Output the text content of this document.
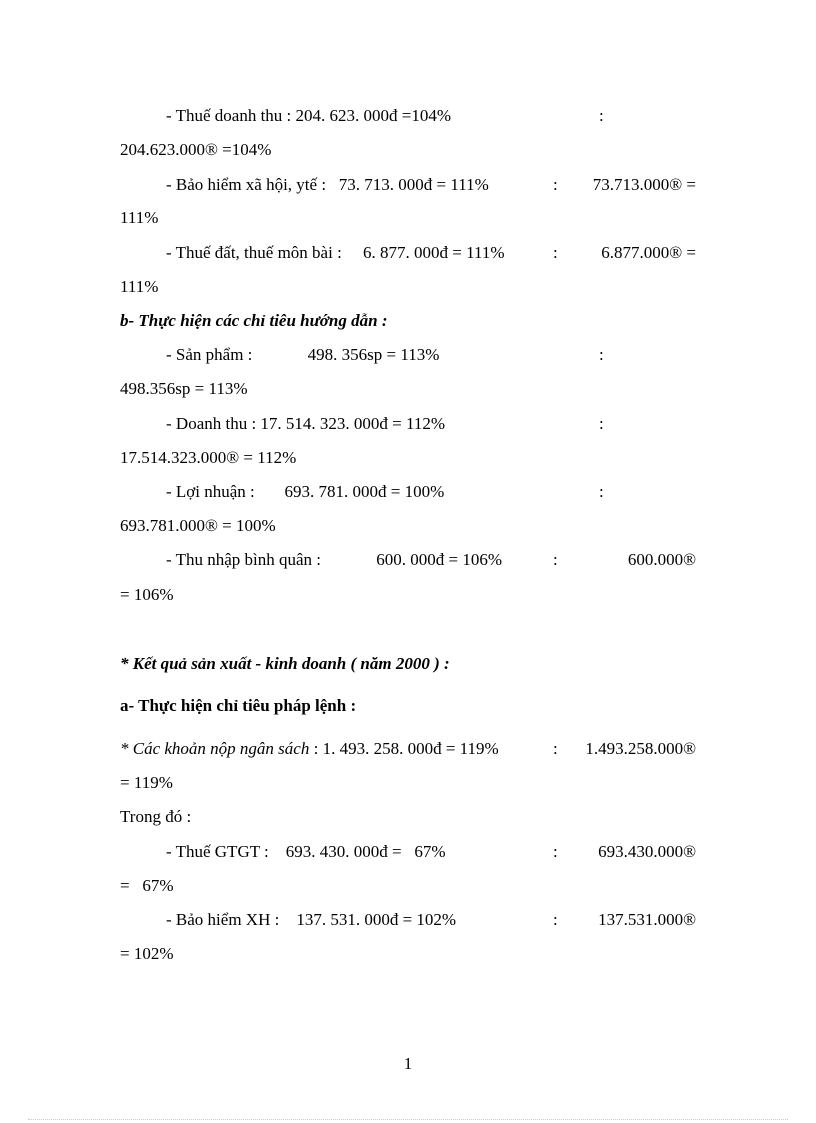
- Thuế doanh thu : 204. 623. 000đ =104%	:
204.623.000® =104%
- Bảo hiểm xã hội, ytế :   73. 713. 000đ = 111%	: 73.713.000® =
111%
- Thuế đất, thuế môn bài :     6. 877. 000đ = 111%	:	6.877.000® =
111%
b- Thực hiện các chỉ tiêu hướng dẫn :
- Sản phẩm :             498. 356sp = 113%	:
498.356sp = 113%
- Doanh thu : 17. 514. 323. 000đ = 112%	:
17.514.323.000® = 112%
- Lợi nhuận :       693. 781. 000đ = 100%	:
693.781.000® = 100%
- Thu nhập bình quân :             600. 000đ = 106%	:	600.000®
= 106%
* Kết quả sản xuất - kinh doanh ( năm 2000 ) :
a- Thực hiện chỉ tiêu pháp lệnh :
* Các khoản nộp ngân sách : 1. 493. 258. 000đ = 119%	: 1.493.258.000®
= 119%
Trong đó :
- Thuế GTGT :    693. 430. 000đ =   67%	: 693.430.000®
=   67%
- Bảo hiểm XH :    137. 531. 000đ = 102%	: 137.531.000®
= 102%
1
